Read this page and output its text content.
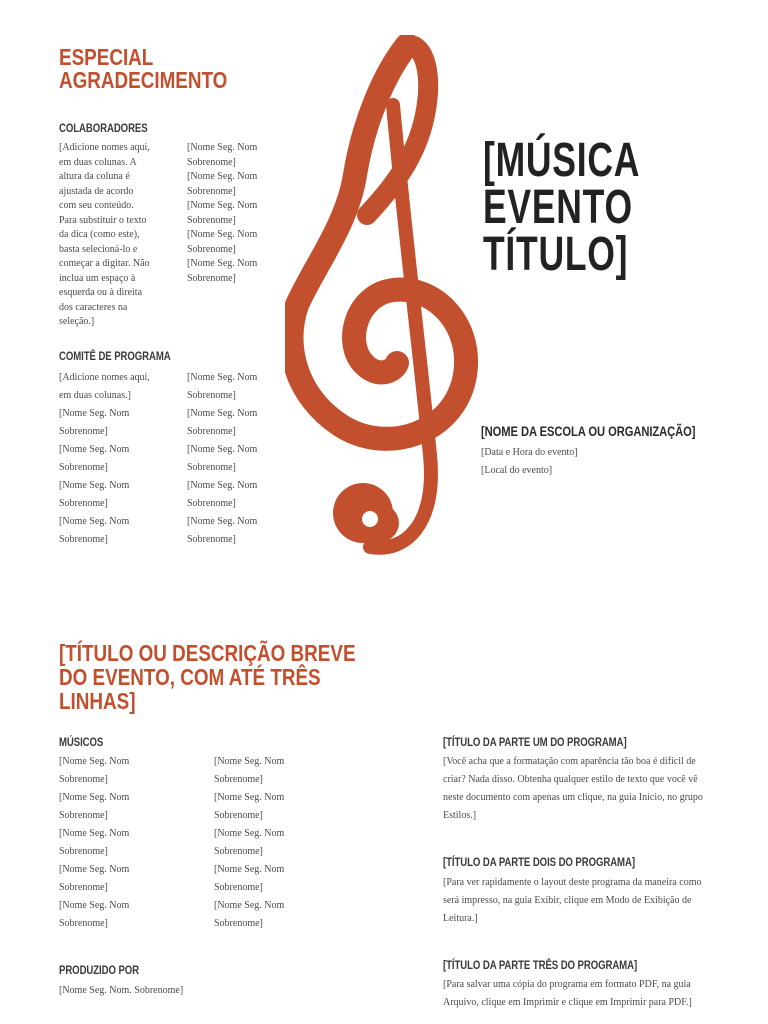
ESPECIAL
AGRADECIMENTO
COLABORADORES
[Adicione nomes aqui,
em duas colunas. A
altura da coluna é
ajustada de acordo
com seu conteúdo.
Para substituir o texto
da dica (como este),
basta selecioná-lo e
começar a digitar. Não
inclua um espaço à
esquerda ou à direita
dos caracteres na
seleção.]
[Nome Seg. Nom
Sobrenome]
[Nome Seg. Nom
Sobrenome]
[Nome Seg. Nom
Sobrenome]
[Nome Seg. Nom
Sobrenome]
[Nome Seg. Nom
Sobrenome]
COMITÊ DE PROGRAMA
[Adicione nomes aqui,
em duas colunas.]
[Nome Seg. Nom
Sobrenome]
[Nome Seg. Nom
Sobrenome]
[Nome Seg. Nom
Sobrenome]
[Nome Seg. Nom
Sobrenome]
[Nome Seg. Nom
Sobrenome]
[Nome Seg. Nom
Sobrenome]
[Nome Seg. Nom
Sobrenome]
[Nome Seg. Nom
Sobrenome]
[Nome Seg. Nom
Sobrenome]
[MÚSICA
EVENTO
TÍTULO]
[NOME DA ESCOLA OU ORGANIZAÇÃO]
[Data e Hora do evento]
[Local do evento]
[TÍTULO OU DESCRIÇÃO BREVE
DO EVENTO, COM ATÉ TRÊS
LINHAS]
MÚSICOS
[Nome Seg. Nom
Sobrenome]
[Nome Seg. Nom
Sobrenome]
[Nome Seg. Nom
Sobrenome]
[Nome Seg. Nom
Sobrenome]
[Nome Seg. Nom
Sobrenome]
[Nome Seg. Nom
Sobrenome]
[Nome Seg. Nom
Sobrenome]
[Nome Seg. Nom
Sobrenome]
[Nome Seg. Nom
Sobrenome]
[Nome Seg. Nom
Sobrenome]
PRODUZIDO POR
[Nome Seg. Nom. Sobrenome]
[TÍTULO DA PARTE UM DO PROGRAMA]
[Você acha que a formatação com aparência tão boa é difícil de
criar? Nada disso. Obtenha qualquer estilo de texto que você vê
neste documento com apenas um clique, na guia Início, no grupo
Estilos.]
[TÍTULO DA PARTE DOIS DO PROGRAMA]
[Para ver rapidamente o layout deste programa da maneira como
será impresso, na guia Exibir, clique em Modo de Exibição de
Leitura.]
[TÍTULO DA PARTE TRÊS DO PROGRAMA]
[Para salvar uma cópia do programa em formato PDF, na guia
Arquivo, clique em Imprimir e clique em Imprimir para PDF.]
